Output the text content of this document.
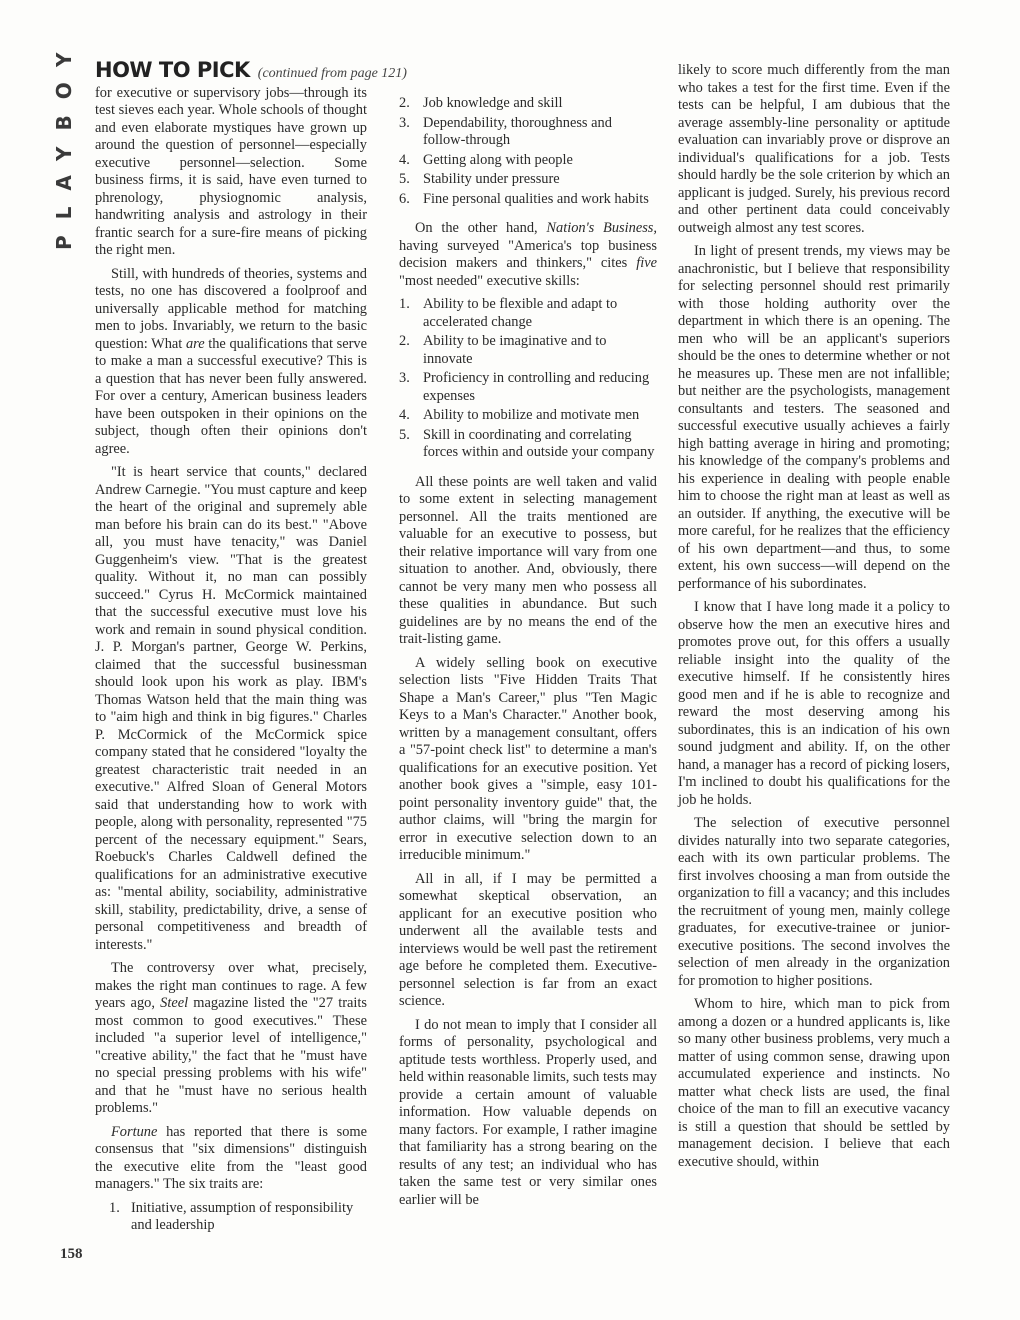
PLAYBOY HOW TO PICK (continued from page 121)

for executive or supervisory jobs—through its test sieves each year. Whole schools of thought and even elaborate mystiques have grown up around the question of personnel—especially executive personnel—selection. Some business firms, it is said, have even turned to phrenology, physiognomic analysis, handwriting analysis and astrology in their frantic search for a sure-fire means of picking the right men.

Still, with hundreds of theories, systems and tests, no one has discovered a foolproof and universally applicable method for matching men to jobs. Invariably, we return to the basic question: What are the qualifications that serve to make a man a successful executive? This is a question that has never been fully answered. For over a century, American business leaders have been outspoken in their opinions on the subject, though often their opinions don't agree.

"It is heart service that counts," declared Andrew Carnegie. "You must capture and keep the heart of the original and supremely able man before his brain can do its best." "Above all, you must have tenacity," was Daniel Guggenheim's view. "That is the greatest quality. Without it, no man can possibly succeed." Cyrus H. McCormick maintained that the successful executive must love his work and remain in sound physical condition. J. P. Morgan's partner, George W. Perkins, claimed that the successful businessman should look upon his work as play. IBM's Thomas Watson held that the main thing was to "aim high and think in big figures." Charles P. McCormick of the McCormick spice company stated that he considered "loyalty the greatest characteristic trait needed in an executive." Alfred Sloan of General Motors said that understanding how to work with people, along with personality, represented "75 percent of the necessary equipment." Sears, Roebuck's Charles Caldwell defined the qualifications for an administrative executive as: "mental ability, sociability, administrative skill, stability, predictability, drive, a sense of personal competitiveness and breadth of interests."

The controversy over what, precisely, makes the right man continues to rage. A few years ago, Steel magazine listed the "27 traits most common to good executives." These included "a superior level of intelligence," "creative ability," the fact that he "must have no special pressing problems with his wife" and that he "must have no serious health problems."

Fortune has reported that there is some consensus that "six dimensions" distinguish the executive elite from the "least good managers." The six traits are:

1. Initiative, assumption of responsibility and leadership
2. Job knowledge and skill
3. Dependability, thoroughness and follow-through
4. Getting along with people
5. Stability under pressure
6. Fine personal qualities and work habits

On the other hand, Nation's Business, having surveyed "America's top business decision makers and thinkers," cites five "most needed" executive skills:

1. Ability to be flexible and adapt to accelerated change
2. Ability to be imaginative and to innovate
3. Proficiency in controlling and reducing expenses
4. Ability to mobilize and motivate men
5. Skill in coordinating and correlating forces within and outside your company

All these points are well taken and valid to some extent in selecting management personnel. All the traits mentioned are valuable for an executive to possess, but their relative importance will vary from one situation to another. And, obviously, there cannot be very many men who possess all these qualities in abundance. But such guidelines are by no means the end of the trait-listing game.

A widely selling book on executive selection lists "Five Hidden Traits That Shape a Man's Career," plus "Ten Magic Keys to a Man's Character." Another book, written by a management consultant, offers a "57-point check list" to determine a man's qualifications for an executive position. Yet another book gives a "simple, easy 101-point personality inventory guide" that, the author claims, will "bring the margin for error in executive selection down to an irreducible minimum."

All in all, if I may be permitted a somewhat skeptical observation, an applicant for an executive position who underwent all the available tests and interviews would be well past the retirement age before he completed them. Executive-personnel selection is far from an exact science.

I do not mean to imply that I consider all forms of personality, psychological and aptitude tests worthless. Properly used, and held within reasonable limits, such tests may provide a certain amount of valuable information. How valuable depends on many factors. For example, I rather imagine that familiarity has a strong bearing on the results of any test; an individual who has taken the same test or very similar ones earlier will be

likely to score much differently from the man who takes a test for the first time. Even if the tests can be helpful, I am dubious that the average assembly-line personality or aptitude evaluation can invariably prove or disprove an individual's qualifications for a job. Tests should hardly be the sole criterion by which an applicant is judged. Surely, his previous record and other pertinent data could conceivably outweigh almost any test scores.

In light of present trends, my views may be anachronistic, but I believe that responsibility for selecting personnel should rest primarily with those holding authority over the department in which there is an opening. The men who will be an applicant's superiors should be the ones to determine whether or not he measures up. These men are not infallible; but neither are the psychologists, management consultants and testers. The seasoned and successful executive usually achieves a fairly high batting average in hiring and promoting; his knowledge of the company's problems and his experience in dealing with people enable him to choose the right man at least as well as an outsider. If anything, the executive will be more careful, for he realizes that the efficiency of his own department—and thus, to some extent, his own success—will depend on the performance of his subordinates.

I know that I have long made it a policy to observe how the men an executive hires and promotes prove out, for this offers a usually reliable insight into the quality of the executive himself. If he consistently hires good men and if he is able to recognize and reward the most deserving among his subordinates, this is an indication of his own sound judgment and ability. If, on the other hand, a manager has a record of picking losers, I'm inclined to doubt his qualifications for the job he holds.

The selection of executive personnel divides naturally into two separate categories, each with its own particular problems. The first involves choosing a man from outside the organization to fill a vacancy; and this includes the recruitment of young men, mainly college graduates, for executive-trainee or junior-executive positions. The second involves the selection of men already in the organization for promotion to higher positions.

Whom to hire, which man to pick from among a dozen or a hundred applicants is, like so many other business problems, very much a matter of using common sense, drawing upon accumulated experience and instincts. No matter what check lists are used, the final choice of the man to fill an executive vacancy is still a question that should be settled by management decision. I believe that each executive should, within

158
